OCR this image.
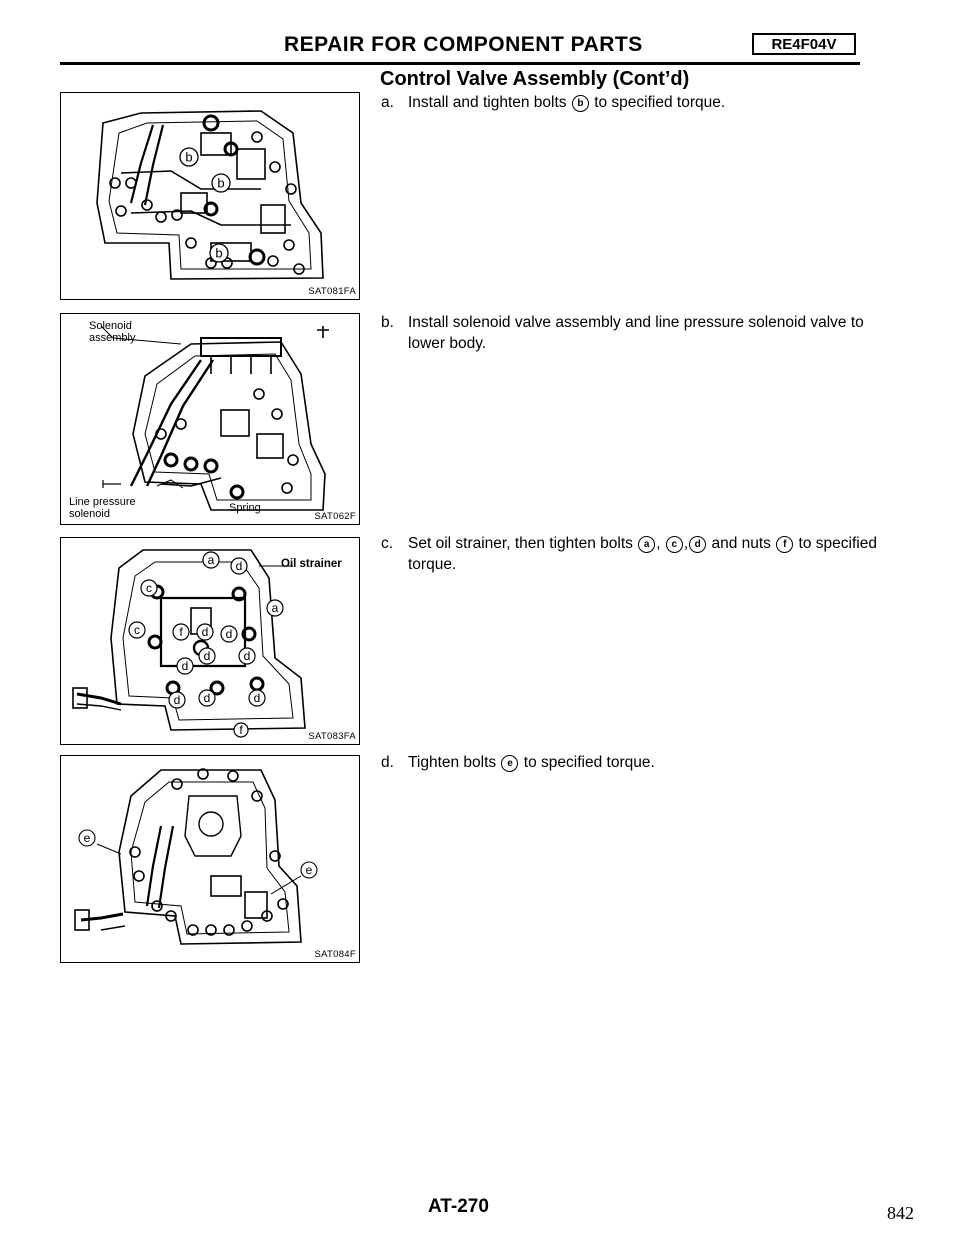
REPAIR FOR COMPONENT PARTS	RE4F04V
Control Valve Assembly (Cont’d)
a. Install and tighten bolts b to specified torque.
b. Install solenoid valve assembly and line pressure solenoid valve to lower body.
c. Set oil strainer, then tighten bolts a , c , d and nuts f to specified torque.
d. Tighten bolts e to specified torque.
b
b
b
SAT081FA
Solenoid
assembly
Line pressure
solenoid	Spring
SAT062F
a d
c
c	f d d
a
d	d
d
d d	d
f
Oil strainer
SAT083FA
e
e
SAT084F
AT-270	842
